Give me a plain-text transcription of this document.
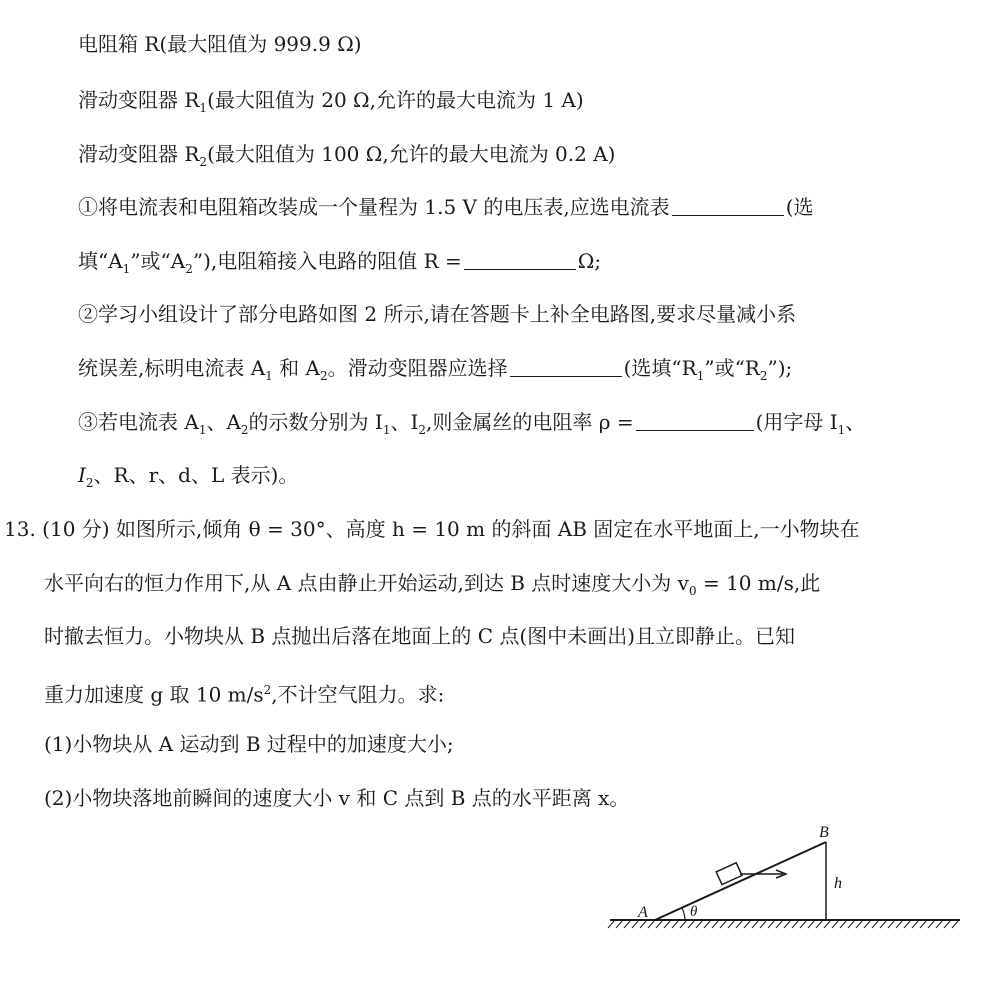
电阻箱 R(最大阻值为 999.9 Ω)
滑动变阻器 $R_1$(最大阻值为 20 Ω,允许的最大电流为 1 A)
滑动变阻器 $R_2$(最大阻值为 100 Ω,允许的最大电流为 0.2 A)
①将电流表和电阻箱改装成一个量程为 1.5 V 的电压表,应选电流表	(选
填“$A_1$”或“$A_2$”),电阻箱接入电路的阻值 R =	Ω;
②学习小组设计了部分电路如图 2 所示,请在答题卡上补全电路图,要求尽量减小系
统误差,标明电流表 $A_1$ 和 $A_2$。滑动变阻器应选择	(选填“$R_1$”或“$R_2$”);
③若电流表 $A_1$、$A_2$的示数分别为 $I_1$、$I_2$,则金属丝的电阻率 ρ =	(用字母 $I_1$、
$I_2$、R、r、d、L 表示)。
13. (10 分) 如图所示,倾角 θ = 30°、高度 h = 10 m 的斜面 AB 固定在水平地面上,一小物块在
水平向右的恒力作用下,从 A 点由静止开始运动,到达 B 点时速度大小为 $v_0 = 10$ m/s,此
时撤去恒力。小物块从 B 点抛出后落在地面上的 C 点(图中未画出)且立即静止。已知
重力加速度 g 取 10 $m/s^2$,不计空气阻力。求:
(1)小物块从 A 运动到 B 过程中的加速度大小;
(2)小物块落地前瞬间的速度大小 v 和 C 点到 B 点的水平距离 x。
A
B
h
θ
